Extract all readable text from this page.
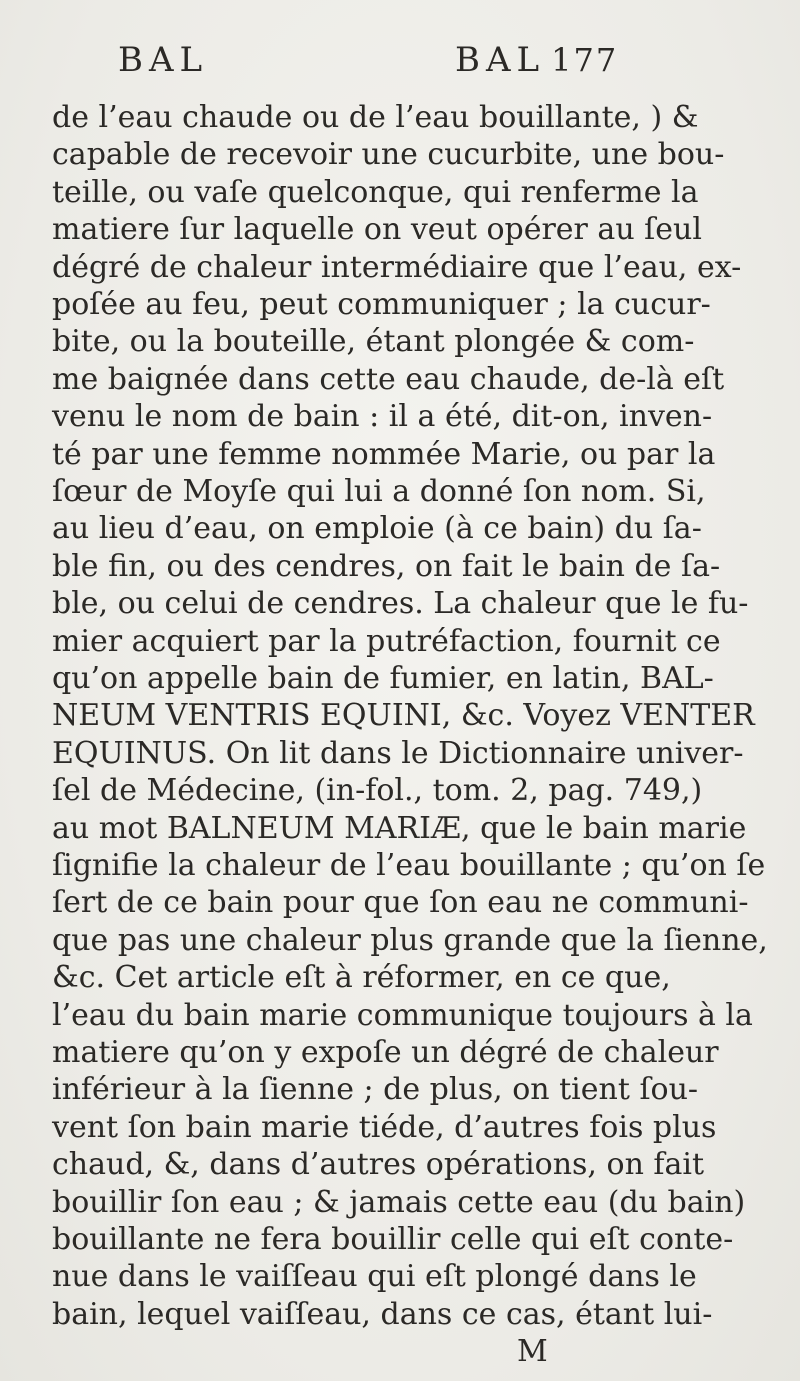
BAL	BAL 177
de l’eau chaude ou de l’eau bouillante, ) &
capable de recevoir une cucurbite, une bou-
teille, ou vaſe quelconque, qui renferme la
matiere ſur laquelle on veut opérer au ſeul
dégré de chaleur intermédiaire que l’eau, ex-
poſée au feu, peut communiquer ; la cucur-
bite, ou la bouteille, étant plongée & com-
me baignée dans cette eau chaude, de-là eſt
venu le nom de bain : il a été, dit-on, inven-
té par une femme nommée Marie, ou par la
ſœur de Moyſe qui lui a donné ſon nom. Si,
au lieu d’eau, on emploie (à ce bain) du ſa-
ble fin, ou des cendres, on fait le bain de ſa-
ble, ou celui de cendres. La chaleur que le fu-
mier acquiert par la putréfaction, fournit ce
qu’on appelle bain de fumier, en latin, BAL-
NEUM VENTRIS EQUINI, &c. Voyez VENTER
EQUINUS. On lit dans le Dictionnaire univer-
ſel de Médecine, (in-fol., tom. 2, pag. 749,)
au mot BALNEUM MARIÆ, que le bain marie
ſignifie la chaleur de l’eau bouillante ; qu’on ſe
ſert de ce bain pour que ſon eau ne communi-
que pas une chaleur plus grande que la ſienne,
&c. Cet article eſt à réformer, en ce que,
l’eau du bain marie communique toujours à la
matiere qu’on y expoſe un dégré de chaleur
inférieur à la ſienne ; de plus, on tient ſou-
vent ſon bain marie tiéde, d’autres fois plus
chaud, &, dans d’autres opérations, on fait
bouillir ſon eau ; & jamais cette eau (du bain)
bouillante ne fera bouillir celle qui eſt conte-
nue dans le vaiſſeau qui eſt plongé dans le
bain, lequel vaiſſeau, dans ce cas, étant lui-
M
